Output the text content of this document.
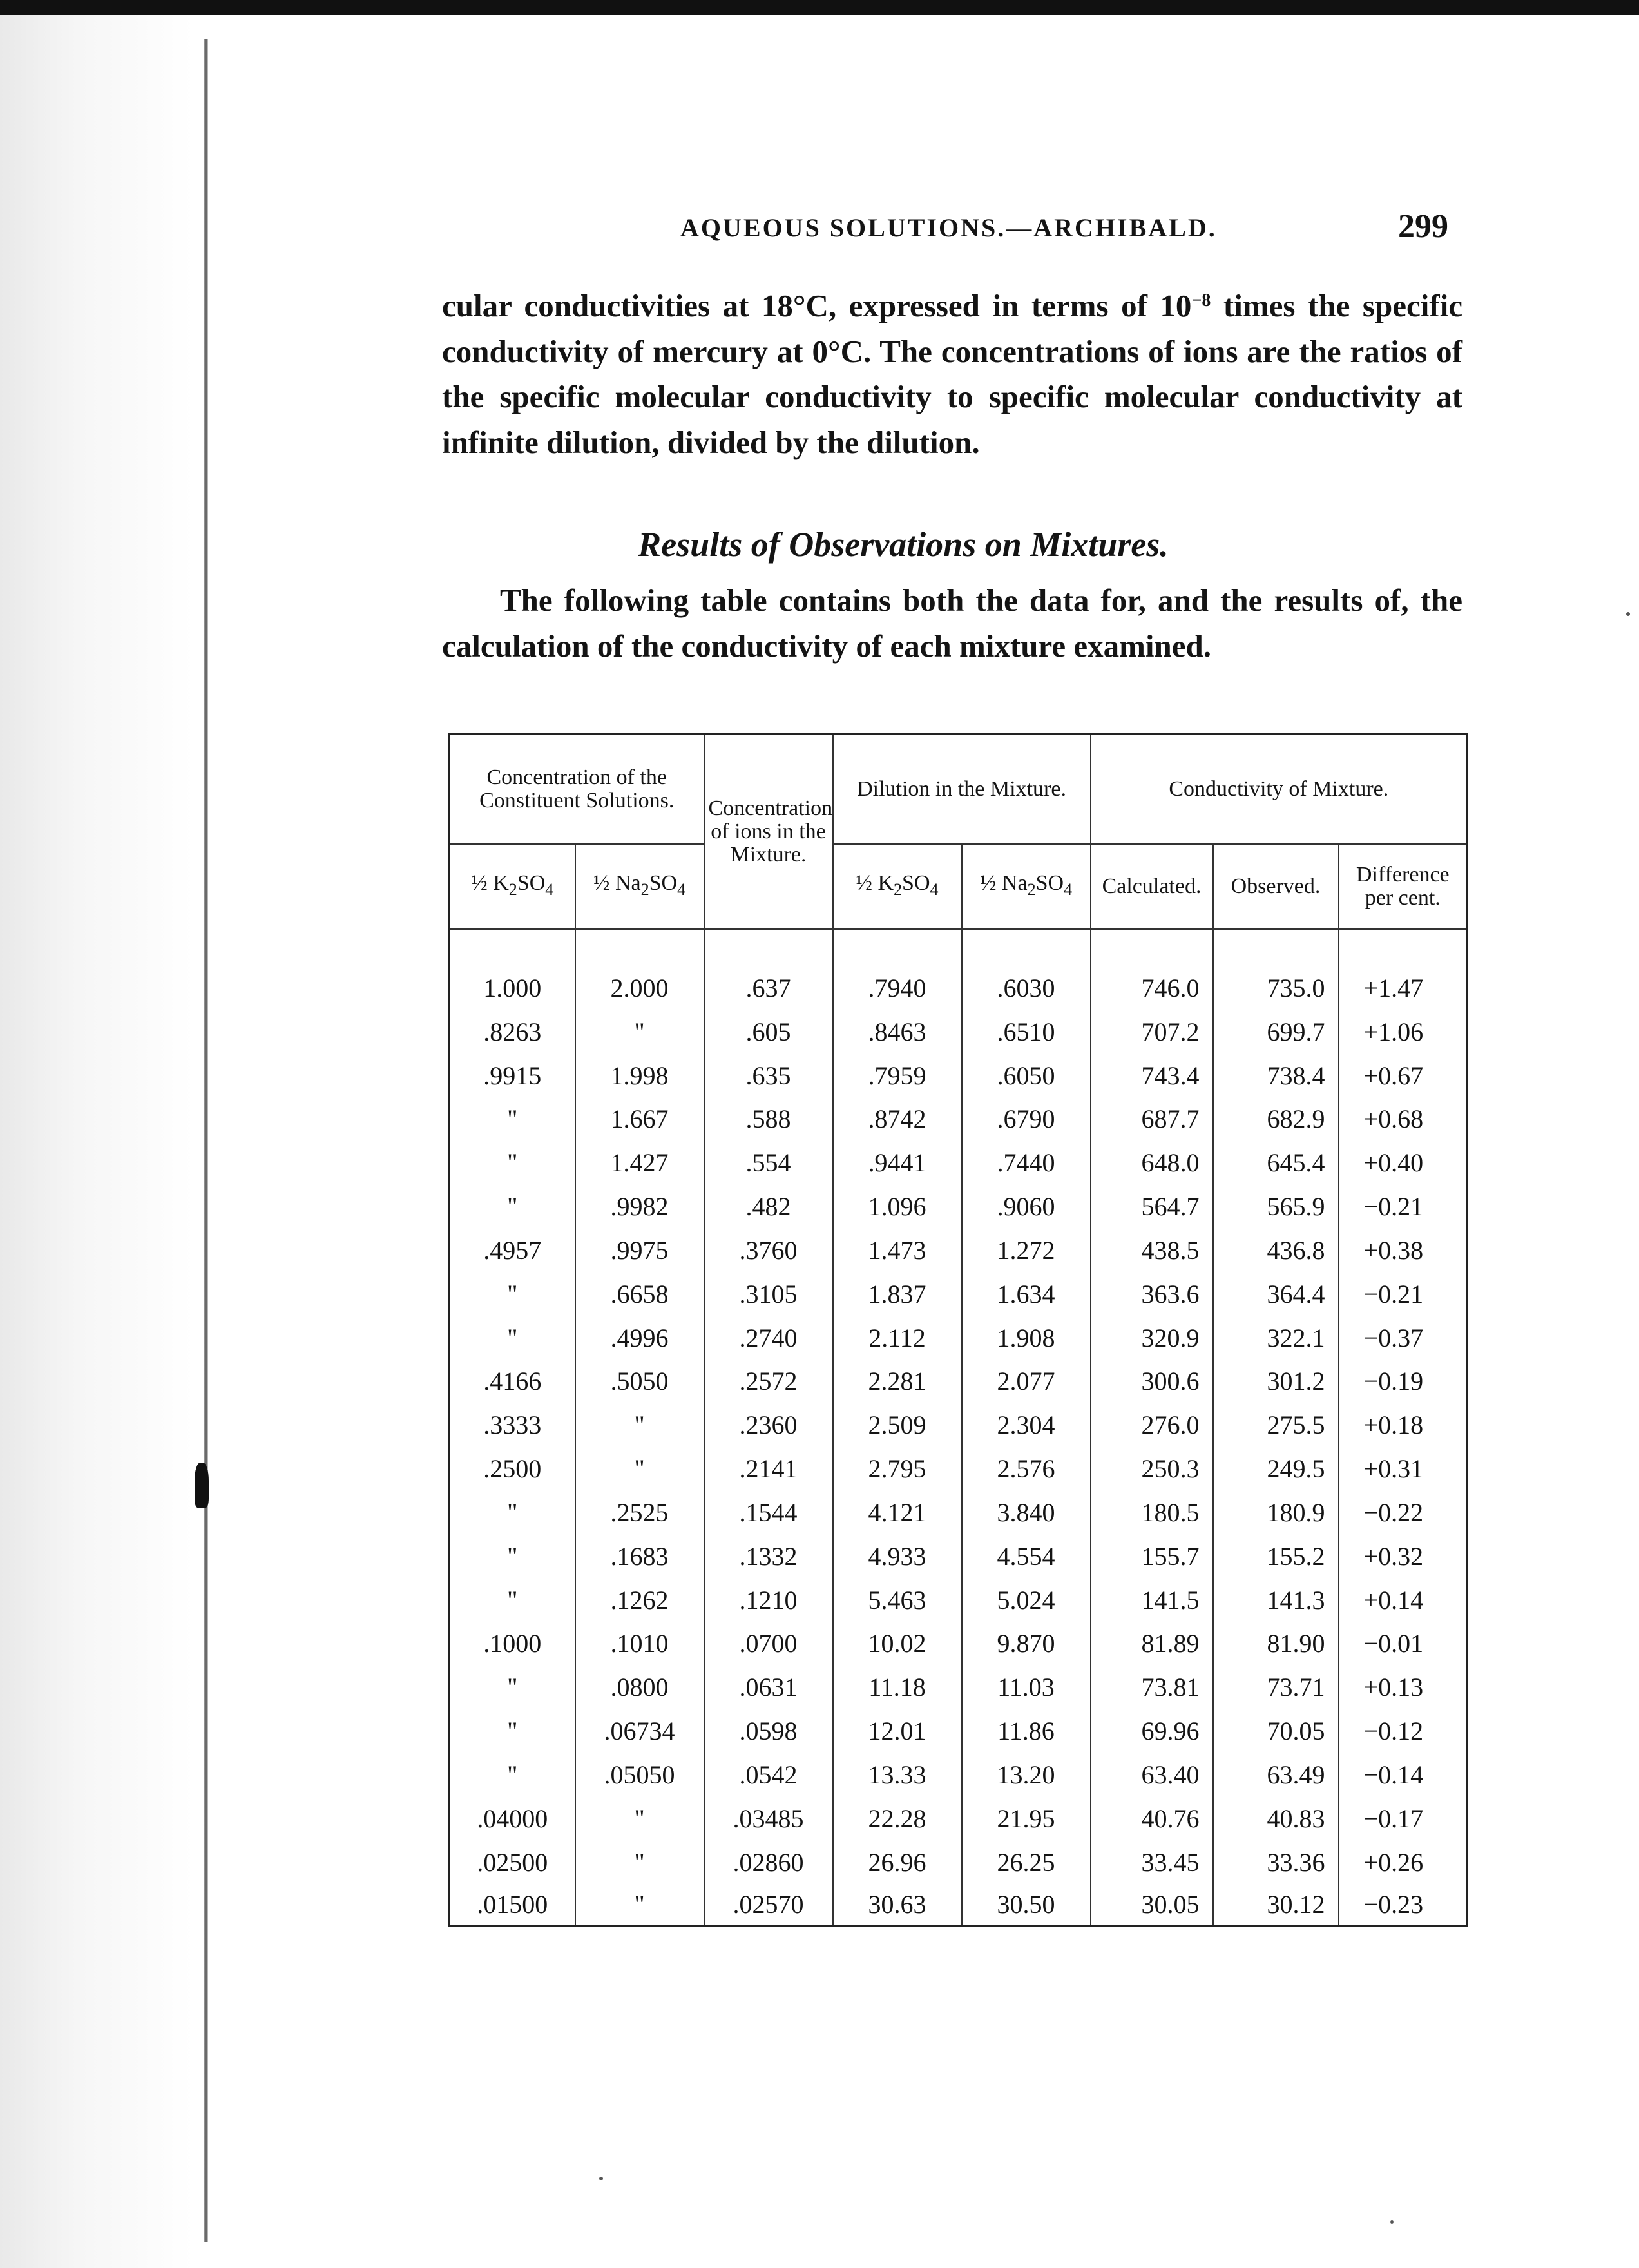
AQUEOUS SOLUTIONS.—ARCHIBALD.	299
cular conductivities at 18°C, expressed in terms of $10^{-8}$ times the specific conductivity of mercury at 0°C. The concentrations of ions are the ratios of the specific molecular conductivity to specific molecular conductivity at infinite dilution, divided by the dilution.
Results of Observations on Mixtures.
The following table contains both the data for, and the results of, the calculation of the conductivity of each mixture examined.
Concentration of the Constituent Solutions.		Concentration of ions in the Mixture.	Dilution in the Mixture.		Conductivity of Mixture.		
½ $K_2SO_4$	½ $Na_2SO_4$		½ $K_2SO_4$	½ $Na_2SO_4$	Calculated.	Observed.	Difference per cent.

1.000	2.000	.637	.7940	.6030	746.0	735.0	+1.47
.8263	"	.605	.8463	.6510	707.2	699.7	+1.06
.9915	1.998	.635	.7959	.6050	743.4	738.4	+0.67
"	1.667	.588	.8742	.6790	687.7	682.9	+0.68
"	1.427	.554	.9441	.7440	648.0	645.4	+0.40
"	.9982	.482	1.096	.9060	564.7	565.9	−0.21
.4957	.9975	.3760	1.473	1.272	438.5	436.8	+0.38
"	.6658	.3105	1.837	1.634	363.6	364.4	−0.21
"	.4996	.2740	2.112	1.908	320.9	322.1	−0.37
.4166	.5050	.2572	2.281	2.077	300.6	301.2	−0.19
.3333	"	.2360	2.509	2.304	276.0	275.5	+0.18
.2500	"	.2141	2.795	2.576	250.3	249.5	+0.31
"	.2525	.1544	4.121	3.840	180.5	180.9	−0.22
"	.1683	.1332	4.933	4.554	155.7	155.2	+0.32
"	.1262	.1210	5.463	5.024	141.5	141.3	+0.14
.1000	.1010	.0700	10.02	9.870	81.89	81.90	−0.01
"	.0800	.0631	11.18	11.03	73.81	73.71	+0.13
"	.06734	.0598	12.01	11.86	69.96	70.05	−0.12
"	.05050	.0542	13.33	13.20	63.40	63.49	−0.14
.04000	"	.03485	22.28	21.95	40.76	40.83	−0.17
.02500	"	.02860	26.96	26.25	33.45	33.36	+0.26
.01500	"	.02570	30.63	30.50	30.05	30.12	−0.23
